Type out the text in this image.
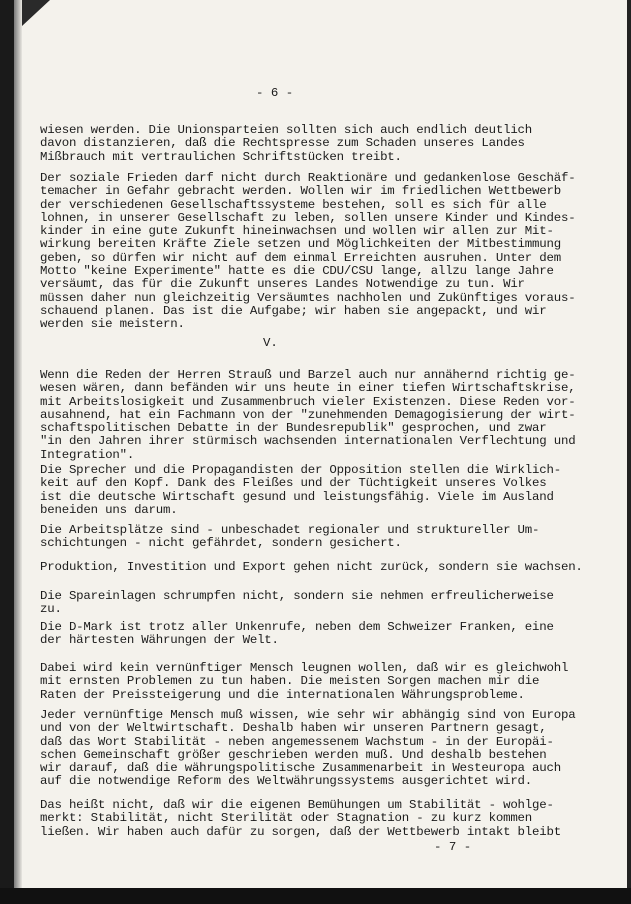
- 6 -
wiesen werden. Die Unionsparteien sollten sich auch endlich deutlich
davon distanzieren, daß die Rechtspresse zum Schaden unseres Landes
Mißbrauch mit vertraulichen Schriftstücken treibt.
Der soziale Frieden darf nicht durch Reaktionäre und gedankenlose Geschäf-
temacher in Gefahr gebracht werden. Wollen wir im friedlichen Wettbewerb
der verschiedenen Gesellschaftssysteme bestehen, soll es sich für alle
lohnen, in unserer Gesellschaft zu leben, sollen unsere Kinder und Kindes-
kinder in eine gute Zukunft hineinwachsen und wollen wir allen zur Mit-
wirkung bereiten Kräfte Ziele setzen und Möglichkeiten der Mitbestimmung
geben, so dürfen wir nicht auf dem einmal Erreichten ausruhen. Unter dem
Motto "keine Experimente" hatte es die CDU/CSU lange, allzu lange Jahre
versäumt, das für die Zukunft unseres Landes Notwendige zu tun. Wir
müssen daher nun gleichzeitig Versäumtes nachholen und Zukünftiges voraus-
schauend planen. Das ist die Aufgabe; wir haben sie angepackt, und wir
werden sie meistern.
V.
Wenn die Reden der Herren Strauß und Barzel auch nur annähernd richtig ge-
wesen wären, dann befänden wir uns heute in einer tiefen Wirtschaftskrise,
mit Arbeitslosigkeit und Zusammenbruch vieler Existenzen. Diese Reden vor-
ausahnend, hat ein Fachmann von der "zunehmenden Demagogisierung der wirt-
schaftspolitischen Debatte in der Bundesrepublik" gesprochen, und zwar
"in den Jahren ihrer stürmisch wachsenden internationalen Verflechtung und
Integration".
Die Sprecher und die Propagandisten der Opposition stellen die Wirklich-
keit auf den Kopf. Dank des Fleißes und der Tüchtigkeit unseres Volkes
ist die deutsche Wirtschaft gesund und leistungsfähig. Viele im Ausland
beneiden uns darum.
Die Arbeitsplätze sind - unbeschadet regionaler und struktureller Um-
schichtungen - nicht gefährdet, sondern gesichert.
Produktion, Investition und Export gehen nicht zurück, sondern sie wachsen.
Die Spareinlagen schrumpfen nicht, sondern sie nehmen erfreulicherweise
zu.
Die D-Mark ist trotz aller Unkenrufe, neben dem Schweizer Franken, eine
der härtesten Währungen der Welt.
Dabei wird kein vernünftiger Mensch leugnen wollen, daß wir es gleichwohl
mit ernsten Problemen zu tun haben. Die meisten Sorgen machen mir die
Raten der Preissteigerung und die internationalen Währungsprobleme.
Jeder vernünftige Mensch muß wissen, wie sehr wir abhängig sind von Europa
und von der Weltwirtschaft. Deshalb haben wir unseren Partnern gesagt,
daß das Wort Stabilität - neben angemessenem Wachstum - in der Europäi-
schen Gemeinschaft größer geschrieben werden muß. Und deshalb bestehen
wir darauf, daß die währungspolitische Zusammenarbeit in Westeuropa auch
auf die notwendige Reform des Weltwährungssystems ausgerichtet wird.
Das heißt nicht, daß wir die eigenen Bemühungen um Stabilität - wohlge-
merkt: Stabilität, nicht Sterilität oder Stagnation - zu kurz kommen
ließen. Wir haben auch dafür zu sorgen, daß der Wettbewerb intakt bleibt
- 7 -
